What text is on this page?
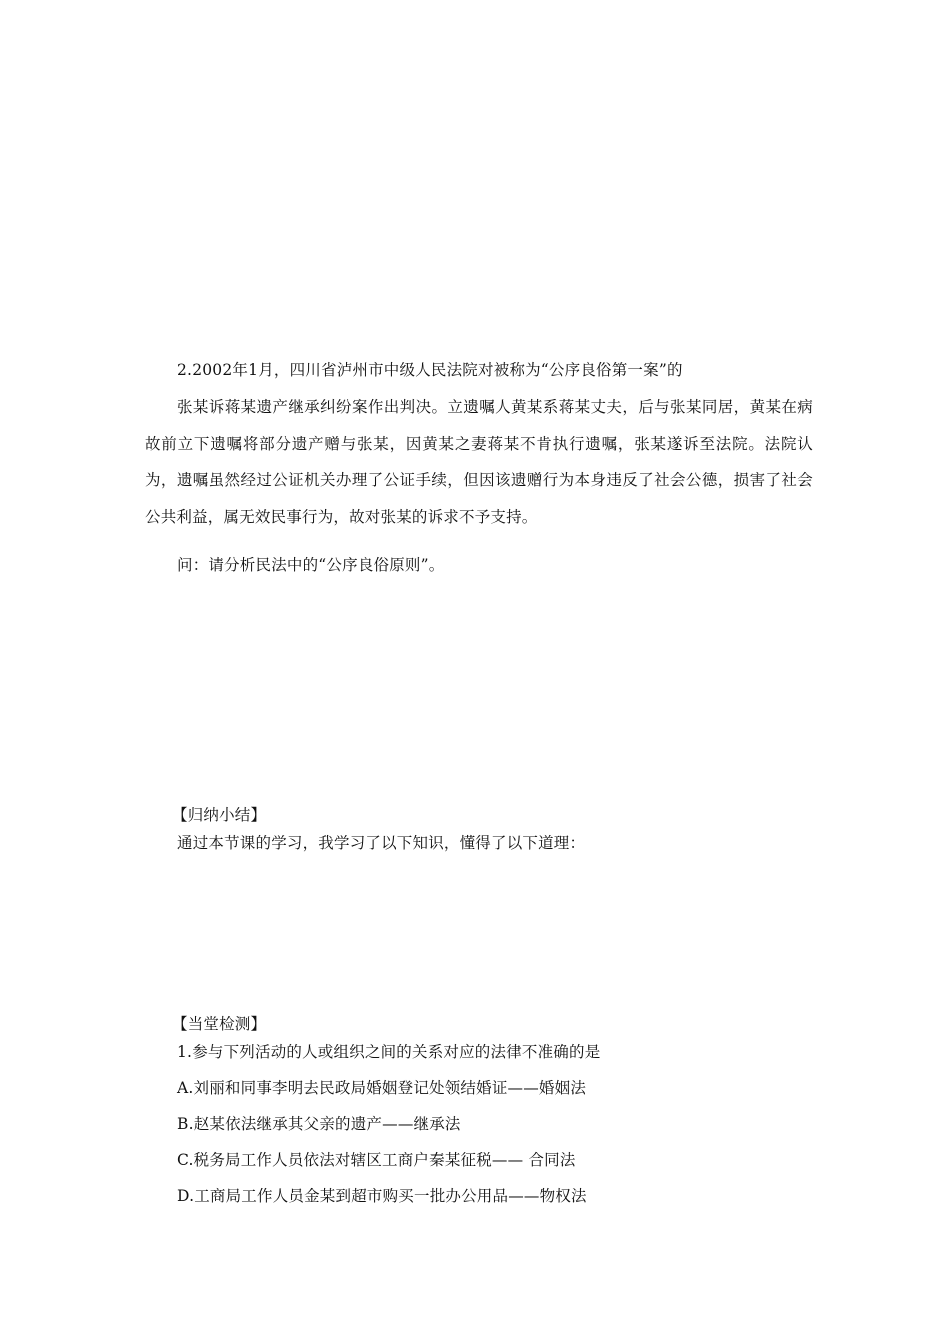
2.2002年1月，四川省泸州市中级人民法院对被称为“公序良俗第一案”的
张某诉蒋某遗产继承纠纷案作出判决。立遗嘱人黄某系蒋某丈夫，后与张某同居，黄某在病故前立下遗嘱将部分遗产赠与张某，因黄某之妻蒋某不肯执行遗嘱，张某遂诉至法院。法院认为，遗嘱虽然经过公证机关办理了公证手续，但因该遗赠行为本身违反了社会公德，损害了社会公共利益，属无效民事行为，故对张某的诉求不予支持。
问：请分析民法中的“公序良俗原则”。
【归纳小结】
通过本节课的学习，我学习了以下知识，懂得了以下道理：
【当堂检测】
1.参与下列活动的人或组织之间的关系对应的法律不准确的是
A.刘丽和同事李明去民政局婚姻登记处领结婚证——婚姻法
B.赵某依法继承其父亲的遗产——继承法
C.税务局工作人员依法对辖区工商户秦某征税—— 合同法
D.工商局工作人员金某到超市购买一批办公用品——物权法
